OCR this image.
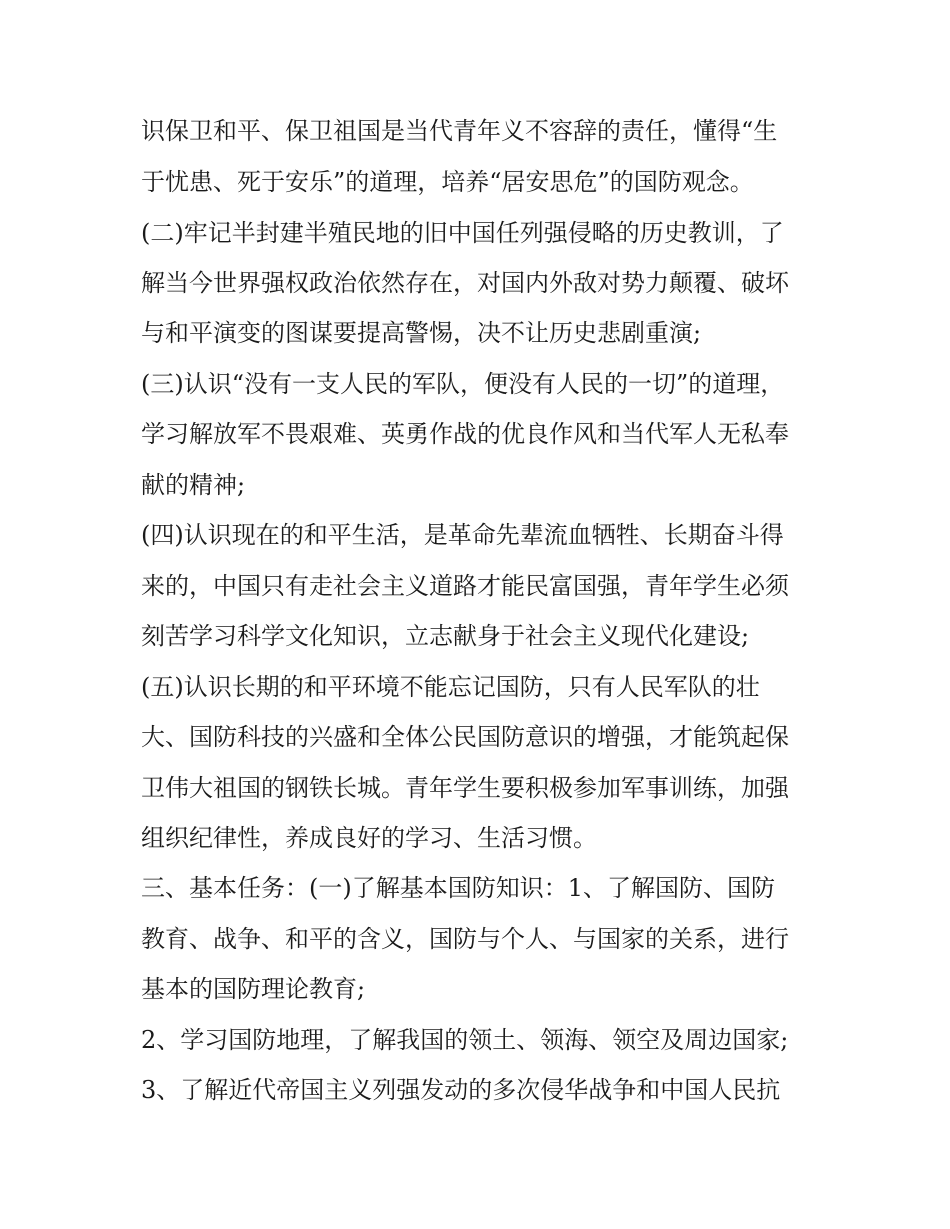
识保卫和平、保卫祖国是当代青年义不容辞的责任，懂得“生
于忧患、死于安乐”的道理，培养“居安思危”的国防观念。
(二)牢记半封建半殖民地的旧中国任列强侵略的历史教训，了
解当今世界强权政治依然存在，对国内外敌对势力颠覆、破坏
与和平演变的图谋要提高警惕，决不让历史悲剧重演;
(三)认识“没有一支人民的军队，便没有人民的一切”的道理，
学习解放军不畏艰难、英勇作战的优良作风和当代军人无私奉
献的精神;
(四)认识现在的和平生活，是革命先辈流血牺牲、长期奋斗得
来的，中国只有走社会主义道路才能民富国强，青年学生必须
刻苦学习科学文化知识，立志献身于社会主义现代化建设;
(五)认识长期的和平环境不能忘记国防，只有人民军队的壮
大、国防科技的兴盛和全体公民国防意识的增强，才能筑起保
卫伟大祖国的钢铁长城。青年学生要积极参加军事训练，加强
组织纪律性，养成良好的学习、生活习惯。
三、基本任务：(一)了解基本国防知识：1、了解国防、国防
教育、战争、和平的含义，国防与个人、与国家的关系，进行
基本的国防理论教育;
2、学习国防地理，了解我国的领土、领海、领空及周边国家;
3、了解近代帝国主义列强发动的多次侵华战争和中国人民抗
